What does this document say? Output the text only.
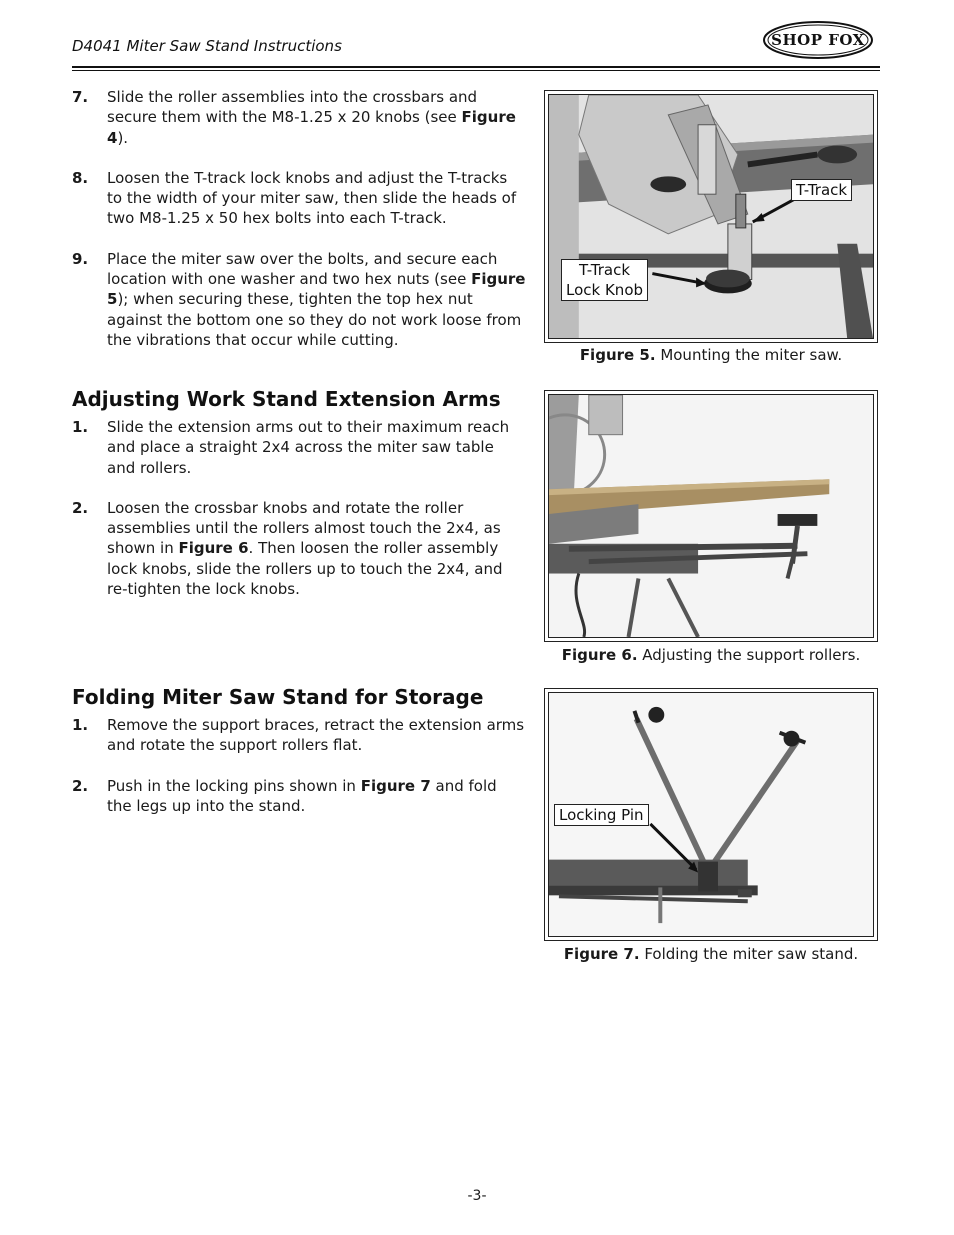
D4041 Miter Saw Stand Instructions	SHOP FOX
7. Slide the roller assemblies into the crossbars and secure them with the M8-1.25 x 20 knobs (see Figure 4).
8. Loosen the T-track lock knobs and adjust the T-tracks to the width of your miter saw, then slide the heads of two M8-1.25 x 50 hex bolts into each T-track.
9. Place the miter saw over the bolts, and secure each location with one washer and two hex nuts (see Figure 5); when securing these, tighten the top hex nut against the bottom one so they do not work loose from the vibrations that occur while cutting.
Adjusting Work Stand Extension Arms
1. Slide the extension arms out to their maximum reach and place a straight 2x4 across the miter saw table and rollers.
2. Loosen the crossbar knobs and rotate the roller assemblies until the rollers almost touch the 2x4, as shown in Figure 6. Then loosen the roller assembly lock knobs, slide the rollers up to touch the 2x4, and re-tighten the lock knobs.
Folding Miter Saw Stand for Storage
1. Remove the support braces, retract the extension arms and rotate the support rollers flat.
2. Push in the locking pins shown in Figure 7 and fold the legs up into the stand.
T-Track
T-Track
Lock Knob
Figure 5. Mounting the miter saw.
Figure 6. Adjusting the support rollers.
Locking Pin
Figure 7. Folding the miter saw stand.
-3-
